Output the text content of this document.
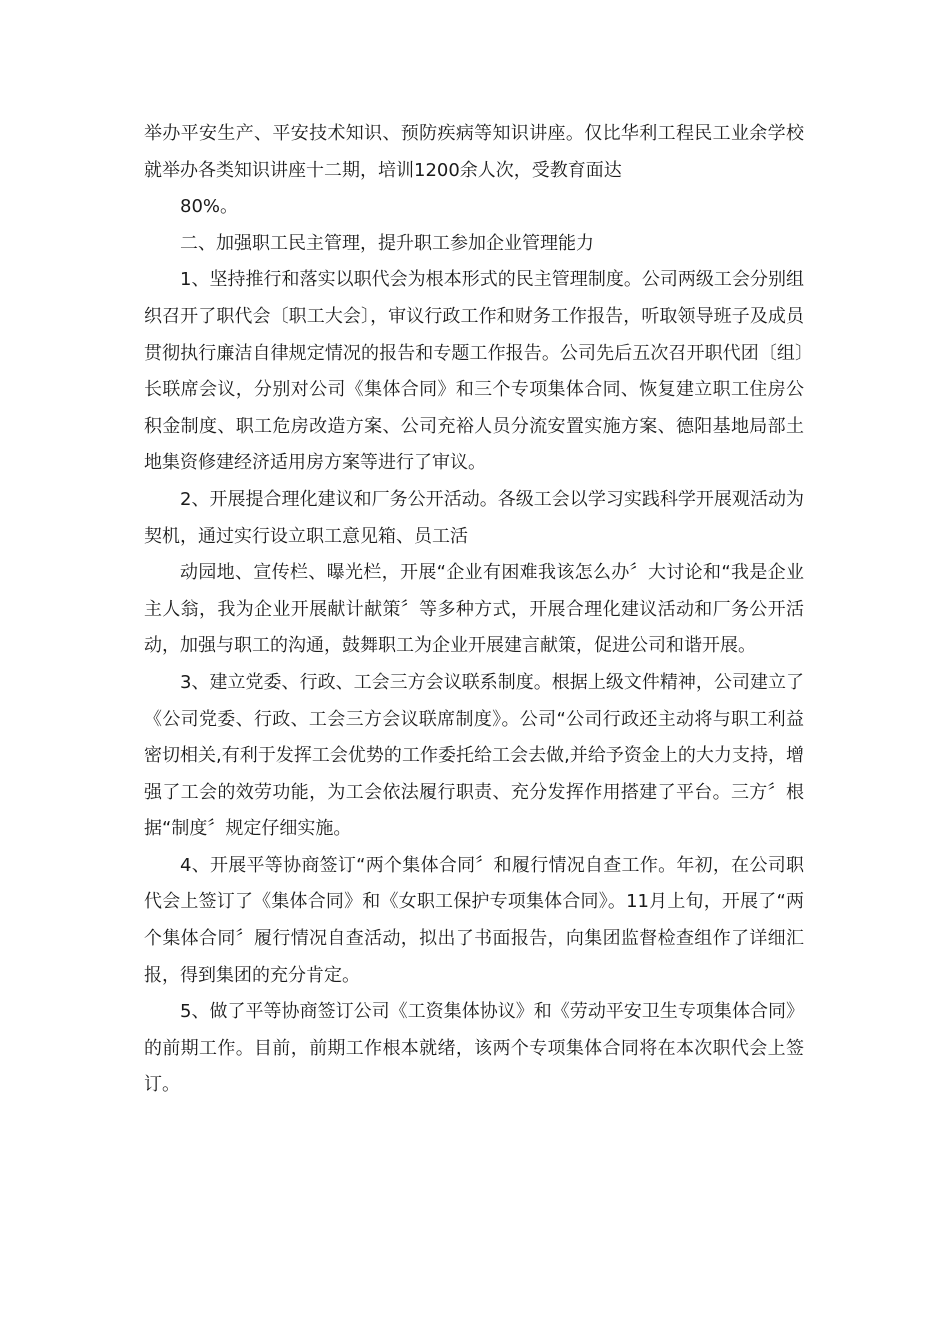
举办平安生产、平安技术知识、预防疾病等知识讲座。仅比华利工程民工业余学校就举办各类知识讲座十二期，培训1200余人次，受教育面达

80%。

二、加强职工民主管理，提升职工参加企业管理能力

1、坚持推行和落实以职代会为根本形式的民主管理制度。公司两级工会分别组织召开了职代会〔职工大会〕，审议行政工作和财务工作报告，听取领导班子及成员贯彻执行廉洁自律规定情况的报告和专题工作报告。公司先后五次召开职代团〔组〕长联席会议，分别对公司《集体合同》和三个专项集体合同、恢复建立职工住房公积金制度、职工危房改造方案、公司充裕人员分流安置实施方案、德阳基地局部土地集资修建经济适用房方案等进行了审议。

2、开展提合理化建议和厂务公开活动。各级工会以学习实践科学开展观活动为契机，通过实行设立职工意见箱、员工活

动园地、宣传栏、曝光栏，开展“企业有困难我该怎么办〞大讨论和“我是企业主人翁，我为企业开展献计献策〞等多种方式，开展合理化建议活动和厂务公开活动，加强与职工的沟通，鼓舞职工为企业开展建言献策，促进公司和谐开展。

3、建立党委、行政、工会三方会议联系制度。根据上级文件精神，公司建立了《公司党委、行政、工会三方会议联席制度》。公司“公司行政还主动将与职工利益密切相关,有利于发挥工会优势的工作委托给工会去做,并给予资金上的大力支持，增强了工会的效劳功能，为工会依法履行职责、充分发挥作用搭建了平台。三方〞根据“制度〞规定仔细实施。

4、开展平等协商签订“两个集体合同〞和履行情况自查工作。年初，在公司职代会上签订了《集体合同》和《女职工保护专项集体合同》。11月上旬，开展了“两个集体合同〞履行情况自查活动，拟出了书面报告，向集团监督检查组作了详细汇报，得到集团的充分肯定。

5、做了平等协商签订公司《工资集体协议》和《劳动平安卫生专项集体合同》的前期工作。目前，前期工作根本就绪，该两个专项集体合同将在本次职代会上签订。
